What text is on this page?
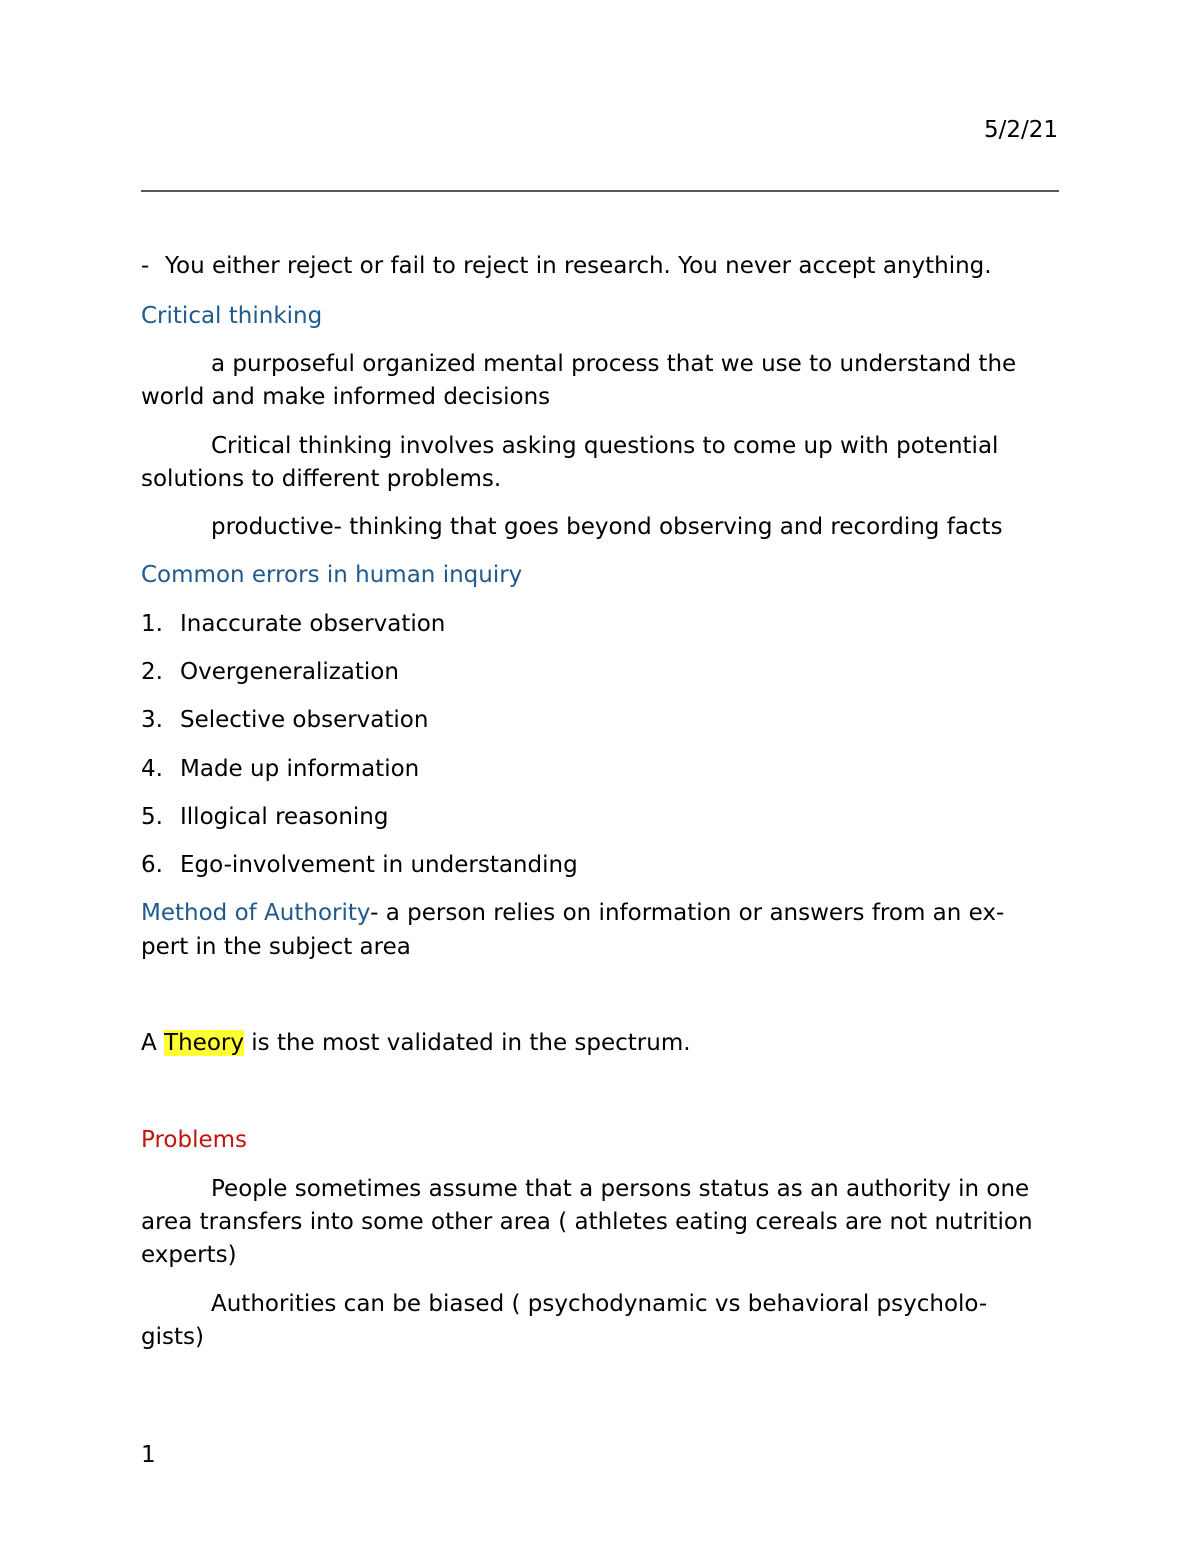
5/2/21
- You either reject or fail to reject in research. You never accept anything.
Critical thinking
a purposeful organized mental process that we use to understand the
world and make informed decisions
Critical thinking involves asking questions to come up with potential
solutions to different problems.
productive- thinking that goes beyond observing and recording facts
Common errors in human inquiry
1. Inaccurate observation
2. Overgeneralization
3. Selective observation
4. Made up information
5. Illogical reasoning
6. Ego-involvement in understanding
Method of Authority- a person relies on information or answers from an ex-
pert in the subject area
A Theory is the most validated in the spectrum.
Problems
People sometimes assume that a persons status as an authority in one
area transfers into some other area ( athletes eating cereals are not nutrition
experts)
Authorities can be biased ( psychodynamic vs behavioral psycholo-
gists)
1
